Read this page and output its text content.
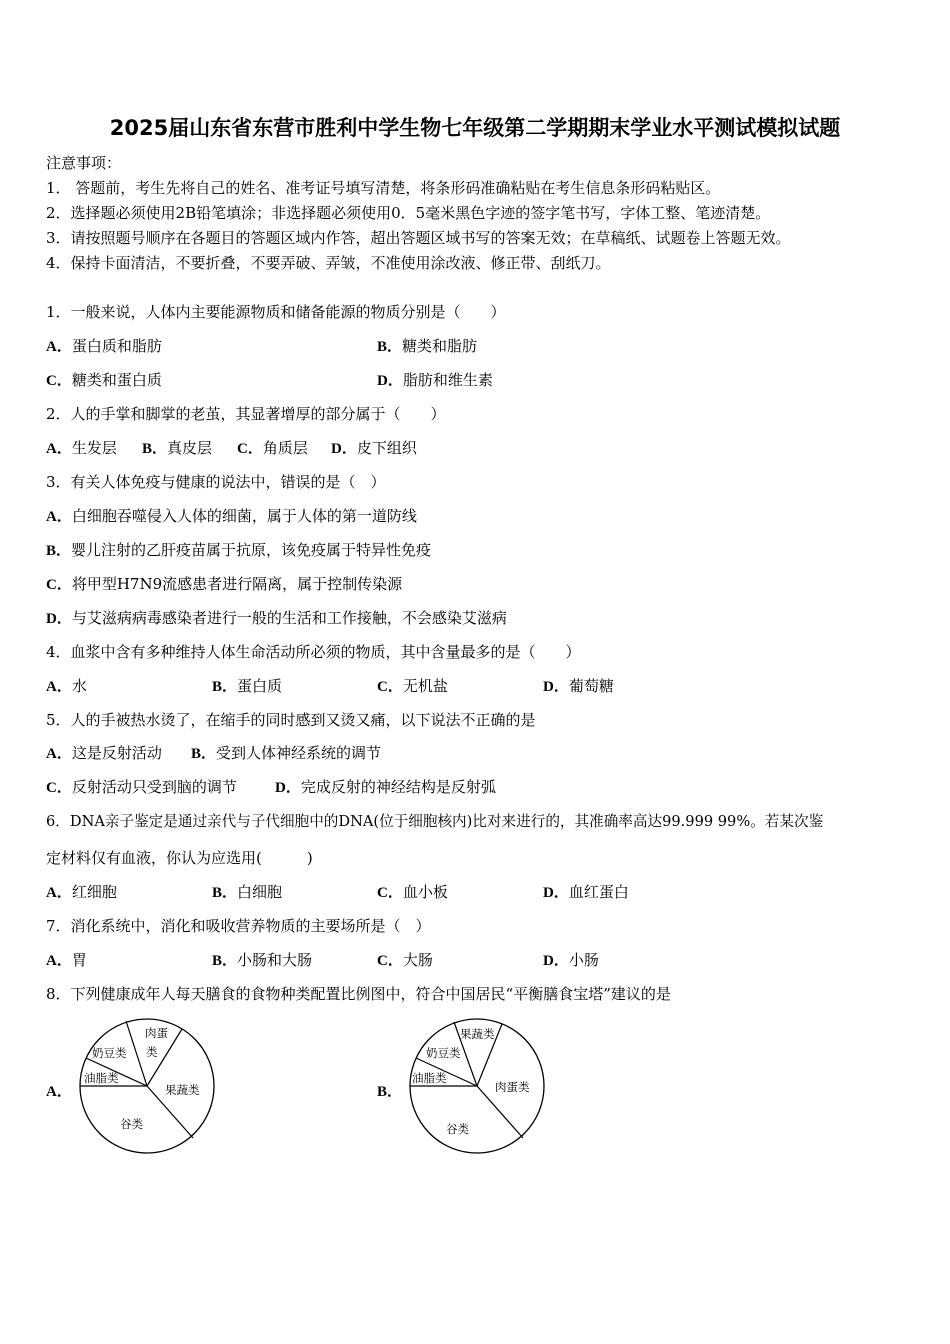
2025届山东省东营市胜利中学生物七年级第二学期期末学业水平测试模拟试题
注意事项：
1． 答题前，考生先将自己的姓名、准考证号填写清楚，将条形码准确粘贴在考生信息条形码粘贴区。
2．选择题必须使用2B铅笔填涂；非选择题必须使用0．5毫米黑色字迹的签字笔书写，字体工整、笔迹清楚。
3．请按照题号顺序在各题目的答题区域内作答，超出答题区域书写的答案无效；在草稿纸、试题卷上答题无效。
4．保持卡面清洁，不要折叠，不要弄破、弄皱，不准使用涂改液、修正带、刮纸刀。
1．一般来说，人体内主要能源物质和储备能源的物质分别是（　　）
A．蛋白质和脂肪	B．糖类和脂肪
C．糖类和蛋白质	D．脂肪和维生素
2．人的手掌和脚掌的老茧，其显著增厚的部分属于（　　）
A．生发层 B．真皮层 C．角质层 D．皮下组织
3．有关人体免疫与健康的说法中，错误的是（　）
A．白细胞吞噬侵入人体的细菌，属于人体的第一道防线
B．婴儿注射的乙肝疫苗属于抗原，该免疫属于特异性免疫
C．将甲型H7N9流感患者进行隔离，属于控制传染源
D．与艾滋病病毒感染者进行一般的生活和工作接触，不会感染艾滋病
4．血浆中含有多种维持人体生命活动所必须的物质，其中含量最多的是（　　）
A．水	B．蛋白质	C．无机盐	D．葡萄糖
5．人的手被热水烫了，在缩手的同时感到又烫又痛，以下说法不正确的是
A．这是反射活动 B．受到人体神经系统的调节
C．反射活动只受到脑的调节	D．完成反射的神经结构是反射弧
6．DNA亲子鉴定是通过亲代与子代细胞中的DNA(位于细胞核内)比对来进行的，其准确率高达99.999 99%。若某次鉴
定材料仅有血液，你认为应选用(　　　)
A．红细胞	B．白细胞	C．血小板	D．血红蛋白
7．消化系统中，消化和吸收营养物质的主要场所是（　）
A．胃	B．小肠和大肠	C．大肠	D．小肠
8．下列健康成年人每天膳食的食物种类配置比例图中，符合中国居民“平衡膳食宝塔”建议的是
A．
肉蛋
类
奶豆类
油脂类
果蔬类
谷类
B．
果蔬类
奶豆类
油脂类
肉蛋类
谷类
